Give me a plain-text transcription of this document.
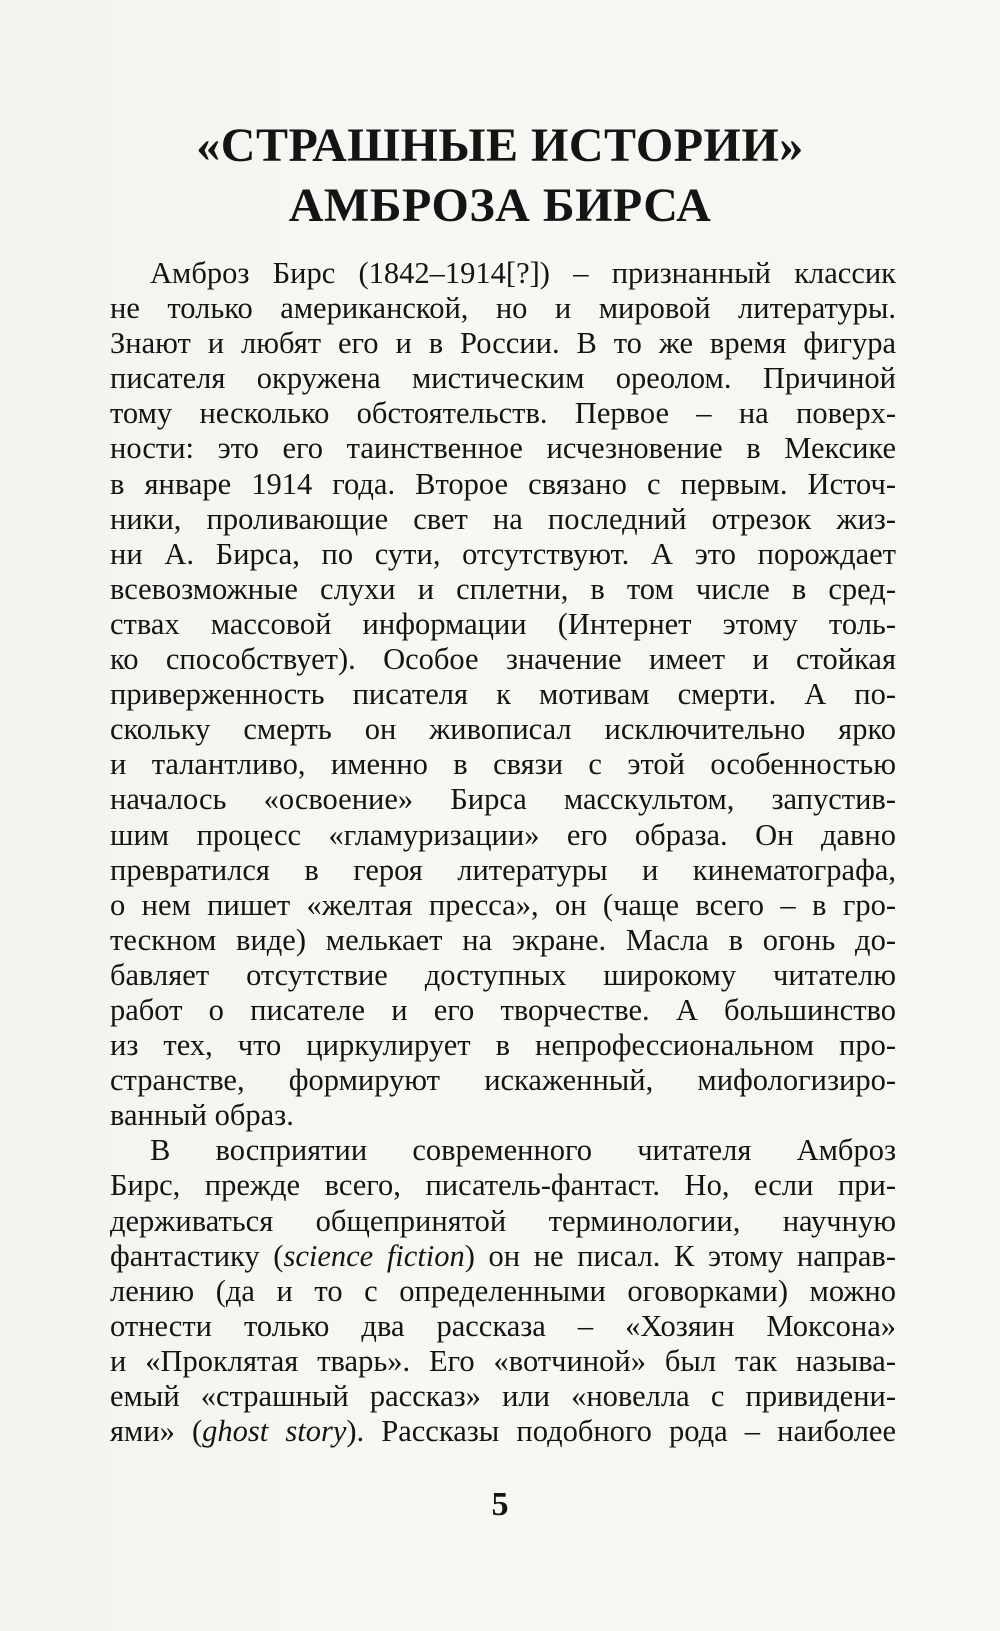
«СТРАШНЫЕ ИСТОРИИ»
АМБРОЗА БИРСА
Амброз Бирс (1842–1914[?]) – признанный классик
не только американской, но и мировой литературы.
Знают и любят его и в России. В то же время фигура
писателя окружена мистическим ореолом. Причиной
тому несколько обстоятельств. Первое – на поверх-
ности: это его таинственное исчезновение в Мексике
в январе 1914 года. Второе связано с первым. Источ-
ники, проливающие свет на последний отрезок жиз-
ни А. Бирса, по сути, отсутствуют. А это порождает
всевозможные слухи и сплетни, в том числе в сред-
ствах массовой информации (Интернет этому толь-
ко способствует). Особое значение имеет и стойкая
приверженность писателя к мотивам смерти. А по-
скольку смерть он живописал исключительно ярко
и талантливо, именно в связи с этой особенностью
началось «освоение» Бирса масскультом, запустив-
шим процесс «гламуризации» его образа. Он давно
превратился в героя литературы и кинематографа,
о нем пишет «желтая пресса», он (чаще всего – в гро-
тескном виде) мелькает на экране. Масла в огонь до-
бавляет отсутствие доступных широкому читателю
работ о писателе и его творчестве. А большинство
из тех, что циркулирует в непрофессиональном про-
странстве, формируют искаженный, мифологизиро-
ванный образ.
В восприятии современного читателя Амброз
Бирс, прежде всего, писатель-фантаст. Но, если при-
держиваться общепринятой терминологии, научную
фантастику (science fiction) он не писал. К этому направ-
лению (да и то с определенными оговорками) можно
отнести только два рассказа – «Хозяин Моксона»
и «Проклятая тварь». Его «вотчиной» был так называ-
емый «страшный рассказ» или «новелла с привидени-
ями» (ghost story). Рассказы подобного рода – наиболее
5
